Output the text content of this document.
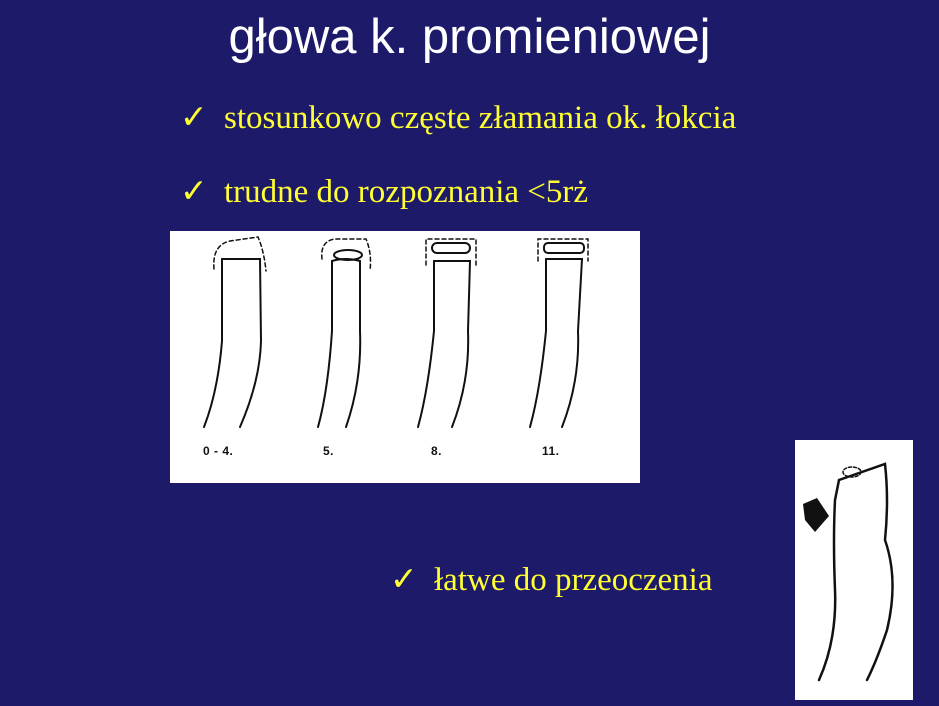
głowa k. promieniowej
✓ stosunkowo częste złamania ok. łokcia
✓ trudne do rozpoznania <5rż
✓ łatwe do przeoczenia
0 - 4.	5.	8.	11.
